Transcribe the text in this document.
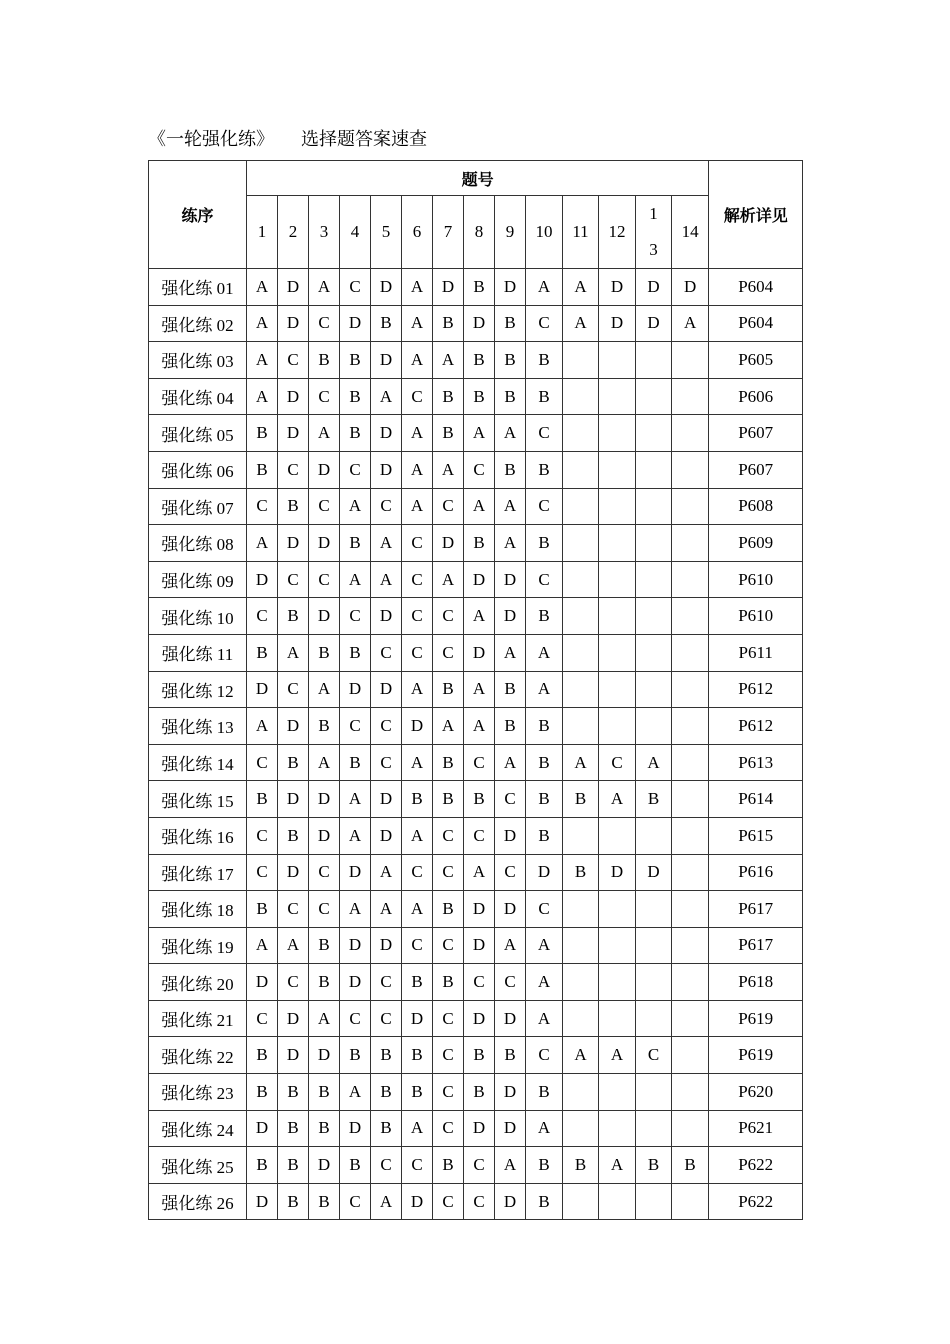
《一轮强化练》　　选择题答案速查
练序	题号														解析详见
	1	2	3	4	5	6	7	8	9	10	11	12	1
3	14	
强化练 01	A	D	A	C	D	A	D	B	D	A	A	D	D	D	P604
强化练 02	A	D	C	D	B	A	B	D	B	C	A	D	D	A	P604
强化练 03	A	C	B	B	D	A	A	B	B	B					P605
强化练 04	A	D	C	B	A	C	B	B	B	B					P606
强化练 05	B	D	A	B	D	A	B	A	A	C					P607
强化练 06	B	C	D	C	D	A	A	C	B	B					P607
强化练 07	C	B	C	A	C	A	C	A	A	C					P608
强化练 08	A	D	D	B	A	C	D	B	A	B					P609
强化练 09	D	C	C	A	A	C	A	D	D	C					P610
强化练 10	C	B	D	C	D	C	C	A	D	B					P610
强化练 11	B	A	B	B	C	C	C	D	A	A					P611
强化练 12	D	C	A	D	D	A	B	A	B	A					P612
强化练 13	A	D	B	C	C	D	A	A	B	B					P612
强化练 14	C	B	A	B	C	A	B	C	A	B	A	C	A		P613
强化练 15	B	D	D	A	D	B	B	B	C	B	B	A	B		P614
强化练 16	C	B	D	A	D	A	C	C	D	B					P615
强化练 17	C	D	C	D	A	C	C	A	C	D	B	D	D		P616
强化练 18	B	C	C	A	A	A	B	D	D	C					P617
强化练 19	A	A	B	D	D	C	C	D	A	A					P617
强化练 20	D	C	B	D	C	B	B	C	C	A					P618
强化练 21	C	D	A	C	C	D	C	D	D	A					P619
强化练 22	B	D	D	B	B	B	C	B	B	C	A	A	C		P619
强化练 23	B	B	B	A	B	B	C	B	D	B					P620
强化练 24	D	B	B	D	B	A	C	D	D	A					P621
强化练 25	B	B	D	B	C	C	B	C	A	B	B	A	B	B	P622
强化练 26	D	B	B	C	A	D	C	C	D	B					P622
